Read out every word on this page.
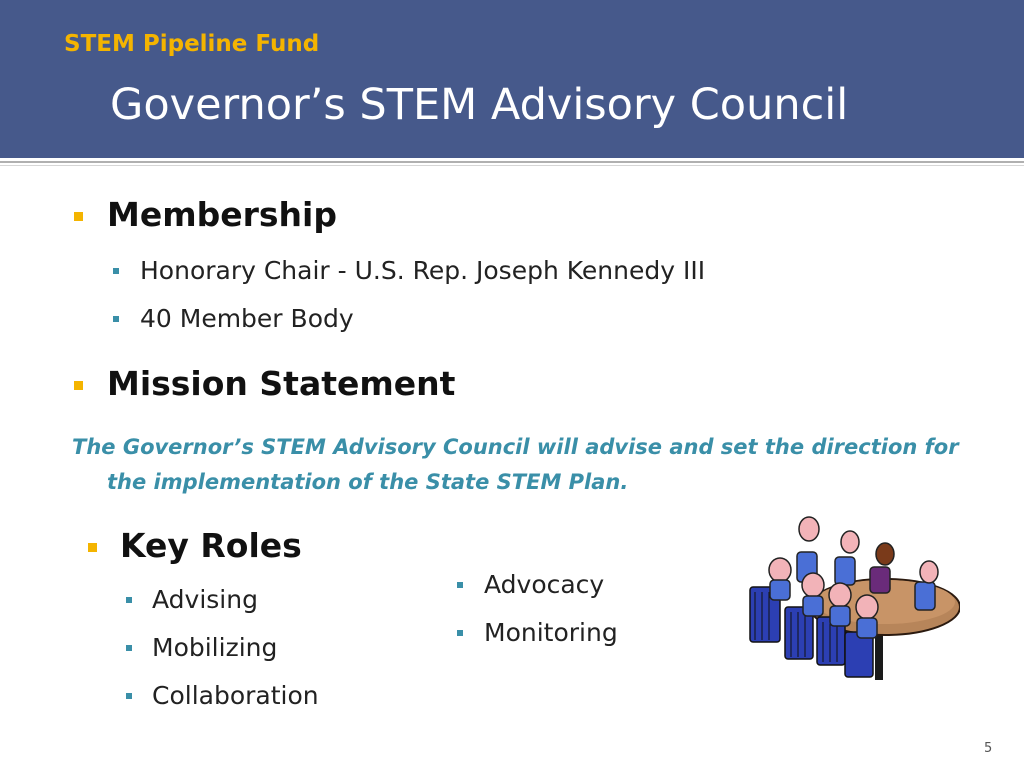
STEM Pipeline Fund
Governor’s STEM Advisory Council
Membership
Honorary Chair - U.S. Rep. Joseph Kennedy III
40 Member Body
Mission Statement
The Governor’s STEM Advisory Council will advise and set the direction for
the implementation of the State STEM Plan.
Key Roles
Advising
Mobilizing
Collaboration
Advocacy
Monitoring
5
